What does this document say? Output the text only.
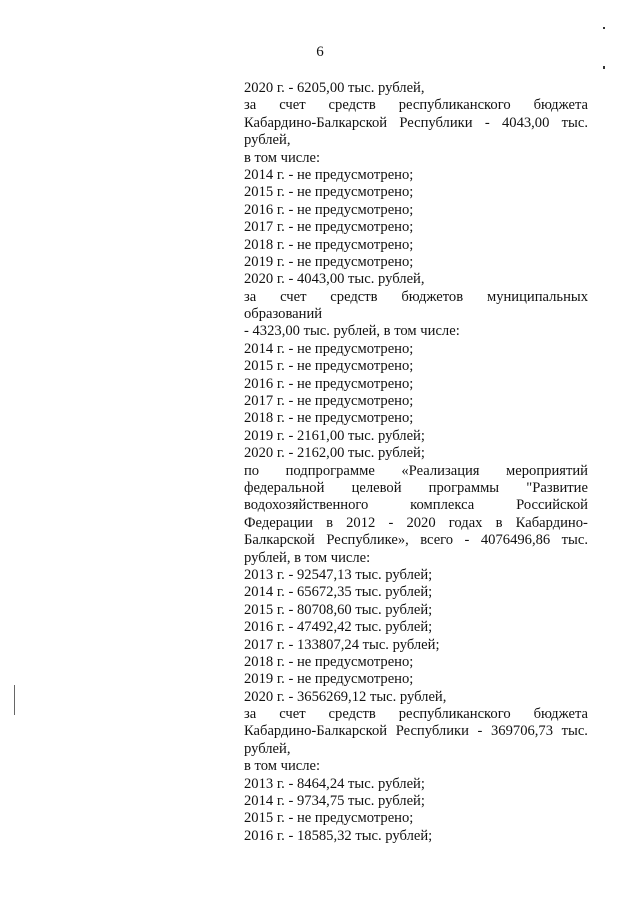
6
2020 г. - 6205,00 тыс. рублей,
за счет средств республиканского бюджета
Кабардино-Балкарской Республики - 4043,00 тыс.
рублей,
в том числе:
2014 г. - не предусмотрено;
2015 г. - не предусмотрено;
2016 г. - не предусмотрено;
2017 г. - не предусмотрено;
2018 г. - не предусмотрено;
2019 г. - не предусмотрено;
2020 г. - 4043,00 тыс. рублей,
за счет средств бюджетов муниципальных
образований
- 4323,00 тыс. рублей, в том числе:
2014 г. - не предусмотрено;
2015 г. - не предусмотрено;
2016 г. - не предусмотрено;
2017 г. - не предусмотрено;
2018 г. - не предусмотрено;
2019 г. - 2161,00 тыс. рублей;
2020 г. - 2162,00 тыс. рублей;
по подпрограмме «Реализация мероприятий
федеральной целевой программы "Развитие
водохозяйственного	комплекса	Российской
Федерации в 2012 - 2020 годах в Кабардино-
Балкарской Республике», всего - 4076496,86 тыс.
рублей, в том числе:
2013 г. - 92547,13 тыс. рублей;
2014 г. - 65672,35 тыс. рублей;
2015 г. - 80708,60 тыс. рублей;
2016 г. - 47492,42 тыс. рублей;
2017 г. - 133807,24 тыс. рублей;
2018 г. - не предусмотрено;
2019 г. - не предусмотрено;
2020 г. - 3656269,12 тыс. рублей,
за счет средств республиканского бюджета
Кабардино-Балкарской Республики - 369706,73 тыс.
рублей,
в том числе:
2013 г. - 8464,24 тыс. рублей;
2014 г. - 9734,75 тыс. рублей;
2015 г. - не предусмотрено;
2016 г. - 18585,32 тыс. рублей;
